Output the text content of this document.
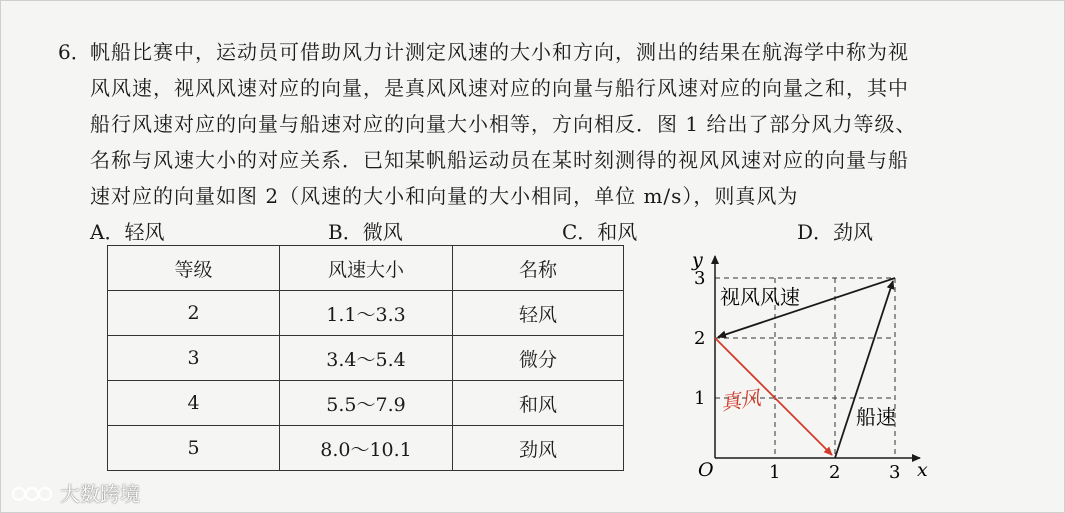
6． 帆船比赛中，运动员可借助风力计测定风速的大小和方向，测出的结果在航海学中称为视
风风速，视风风速对应的向量，是真风风速对应的向量与船行风速对应的向量之和，其中
船行风速对应的向量与船速对应的向量大小相等，方向相反．图 1 给出了部分风力等级、
名称与风速大小的对应关系．已知某帆船运动员在某时刻测得的视风风速对应的向量与船
速对应的向量如图 2（风速的大小和向量的大小相同，单位 m/s），则真风为
A．轻风	B．微风	C．和风	D．劲风
等级	风速大小	名称
2	1.1～3.3	轻风
3	3.4～5.4	微分
4	5.5～7.9	和风
5	8.0～10.1	劲风
y
x
O	1	2	3
1
2
3
视风风速
船速
真风
大数跨境
